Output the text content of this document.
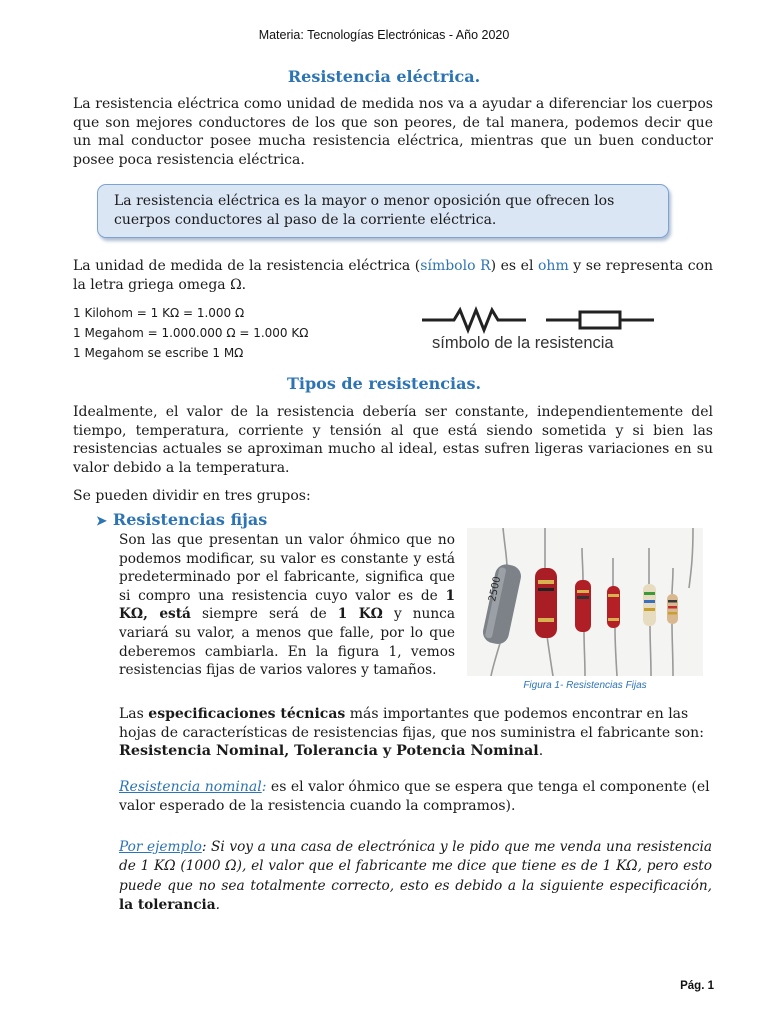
Materia: Tecnologías Electrónicas - Año 2020
Resistencia eléctrica.
La resistencia eléctrica como unidad de medida nos va a ayudar a diferenciar los cuerpos que son mejores conductores de los que son peores, de tal manera, podemos decir que un mal conductor posee mucha resistencia eléctrica, mientras que un buen conductor posee poca resistencia eléctrica.
La resistencia eléctrica es la mayor o menor oposición que ofrecen los cuerpos conductores al paso de la corriente eléctrica.
La unidad de medida de la resistencia eléctrica (símbolo R) es el ohm y se representa con la letra griega omega Ω.
1 Kilohom = 1 KΩ = 1.000 Ω
1 Megahom = 1.000.000 Ω = 1.000 KΩ
1 Megahom se escribe 1 MΩ
símbolo de la resistencia
Tipos de resistencias.
Idealmente, el valor de la resistencia debería ser constante, independientemente del tiempo, temperatura, corriente y tensión al que está siendo sometida y si bien las resistencias actuales se aproximan mucho al ideal, estas sufren ligeras variaciones en su valor debido a la temperatura.
Se pueden dividir en tres grupos:
➤ Resistencias fijas
Son las que presentan un valor óhmico que no podemos modificar, su valor es constante y está predeterminado por el fabricante, significa que si compro una resistencia cuyo valor es de 1 KΩ, está siempre será de 1 KΩ y nunca variará su valor, a menos que falle, por lo que deberemos cambiarla. En la figura 1, vemos resistencias fijas de varios valores y tamaños.
2500
Figura 1- Resistencias Fijas
Las especificaciones técnicas más importantes que podemos encontrar en las hojas de características de resistencias fijas, que nos suministra el fabricante son:
Resistencia Nominal, Tolerancia y Potencia Nominal.
Resistencia nominal: es el valor óhmico que se espera que tenga el componente (el valor esperado de la resistencia cuando la compramos).
Por ejemplo: Si voy a una casa de electrónica y le pido que me venda una resistencia de 1 KΩ (1000 Ω), el valor que el fabricante me dice que tiene es de 1 KΩ, pero esto puede que no sea totalmente correcto, esto es debido a la siguiente especificación, la tolerancia.
Pág. 1
